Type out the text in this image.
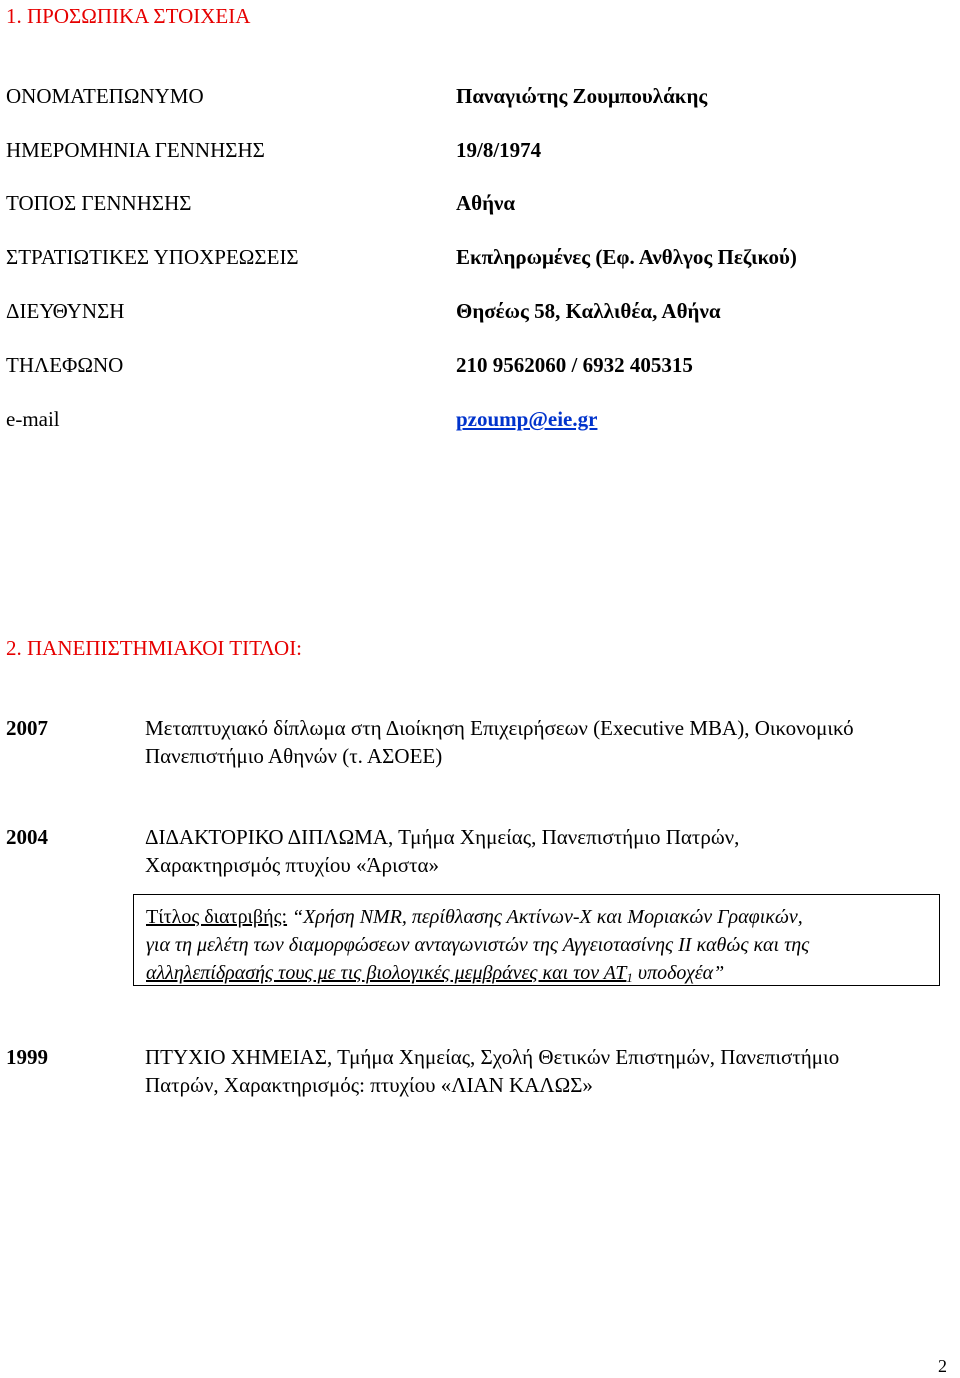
1. ΠΡΟΣΩΠΙΚΑ ΣΤΟΙΧΕΙΑ
ΟΝΟΜΑΤΕΠΩΝΥΜΟ	Παναγιώτης Ζουμπουλάκης
ΗΜΕΡΟΜΗΝΙΑ ΓΕΝΝΗΣΗΣ	19/8/1974
ΤΟΠΟΣ ΓΕΝΝΗΣΗΣ	Αθήνα
ΣΤΡΑΤΙΩΤΙΚΕΣ ΥΠΟΧΡΕΩΣΕΙΣ	Εκπληρωμένες (Εφ. Ανθλγος Πεζικού)
ΔΙΕΥΘΥΝΣΗ	Θησέως 58, Καλλιθέα, Αθήνα
ΤΗΛΕΦΩΝΟ	210 9562060 / 6932 405315
e-mail	pzoump@eie.gr
2. ΠΑΝΕΠΙΣΤΗΜΙΑΚΟΙ ΤΙΤΛΟΙ:
2007	Μεταπτυχιακό δίπλωμα στη Διοίκηση Επιχειρήσεων (Executive MBA), Οικονομικό
Πανεπιστήμιο Αθηνών (τ. ΑΣΟΕΕ)
2004	ΔΙΔΑΚΤΟΡΙΚΟ ΔΙΠΛΩΜΑ, Τμήμα Χημείας, Πανεπιστήμιο Πατρών,
Χαρακτηρισμός πτυχίου «Άριστα»
Τίτλος διατριβής: “Χρήση NMR, περίθλασης Ακτίνων-Χ και Μοριακών Γραφικών,
για τη μελέτη των διαμορφώσεων ανταγωνιστών της Αγγειοτασίνης ΙΙ καθώς και της
αλληλεπίδρασής τους με τις βιολογικές μεμβράνες και τον $AT_1$ υποδοχέα”
1999	ΠΤΥΧΙΟ ΧΗΜΕΙΑΣ, Τμήμα Χημείας, Σχολή Θετικών Επιστημών, Πανεπιστήμιο
Πατρών, Χαρακτηρισμός: πτυχίου «ΛΙΑΝ ΚΑΛΩΣ»
2
